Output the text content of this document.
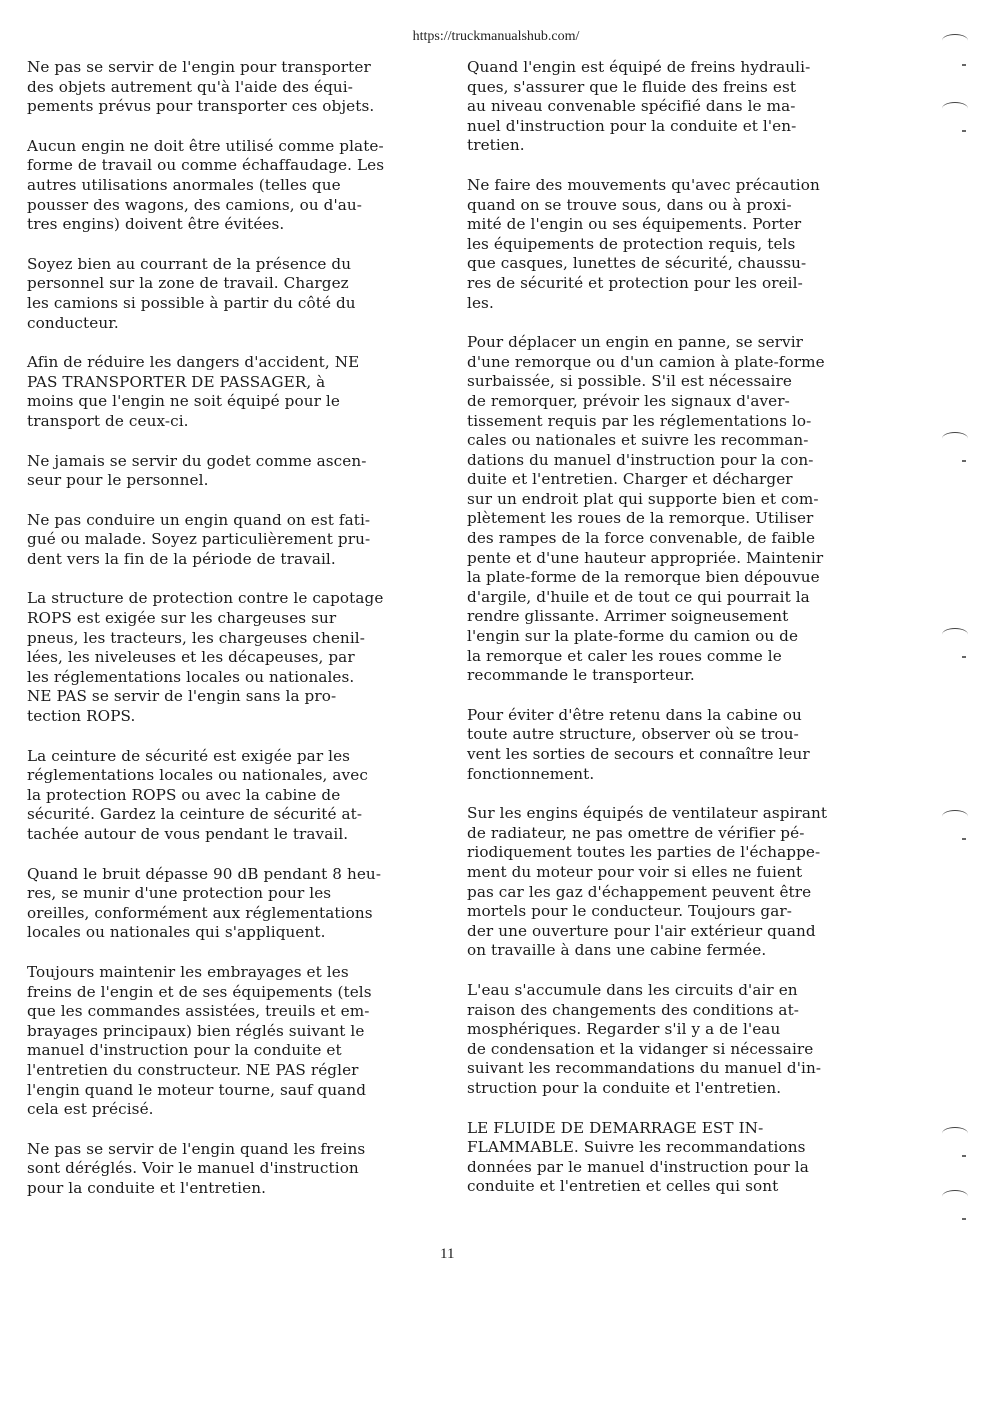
https://truckmanualshub.com/
Ne pas se servir de l'engin pour transporter
des objets autrement qu'à l'aide des équi-
pements prévus pour transporter ces objets.
Aucun engin ne doit être utilisé comme plate-
forme de travail ou comme échaffaudage. Les
autres utilisations anormales (telles que
pousser des wagons, des camions, ou d'au-
tres engins) doivent être évitées.
Soyez bien au courrant de la présence du
personnel sur la zone de travail. Chargez
les camions si possible à partir du côté du
conducteur.
Afin de réduire les dangers d'accident, NE
PAS TRANSPORTER DE PASSAGER, à
moins que l'engin ne soit équipé pour le
transport de ceux-ci.
Ne jamais se servir du godet comme ascen-
seur pour le personnel.
Ne pas conduire un engin quand on est fati-
gué ou malade. Soyez particulièrement pru-
dent vers la fin de la période de travail.
La structure de protection contre le capotage
ROPS est exigée sur les chargeuses sur
pneus, les tracteurs, les chargeuses chenil-
lées, les niveleuses et les décapeuses, par
les réglementations locales ou nationales.
NE PAS se servir de l'engin sans la pro-
tection ROPS.
La ceinture de sécurité est exigée par les
réglementations locales ou nationales, avec
la protection ROPS ou avec la cabine de
sécurité. Gardez la ceinture de sécurité at-
tachée autour de vous pendant le travail.
Quand le bruit dépasse 90 dB pendant 8 heu-
res, se munir d'une protection pour les
oreilles, conformément aux réglementations
locales ou nationales qui s'appliquent.
Toujours maintenir les embrayages et les
freins de l'engin et de ses équipements (tels
que les commandes assistées, treuils et em-
brayages principaux) bien réglés suivant le
manuel d'instruction pour la conduite et
l'entretien du constructeur. NE PAS régler
l'engin quand le moteur tourne, sauf quand
cela est précisé.
Ne pas se servir de l'engin quand les freins
sont déréglés. Voir le manuel d'instruction
pour la conduite et l'entretien.
Quand l'engin est équipé de freins hydrauli-
ques, s'assurer que le fluide des freins est
au niveau convenable spécifié dans le ma-
nuel d'instruction pour la conduite et l'en-
tretien.
Ne faire des mouvements qu'avec précaution
quand on se trouve sous, dans ou à proxi-
mité de l'engin ou ses équipements. Porter
les équipements de protection requis, tels
que casques, lunettes de sécurité, chaussu-
res de sécurité et protection pour les oreil-
les.
Pour déplacer un engin en panne, se servir
d'une remorque ou d'un camion à plate-forme
surbaissée, si possible. S'il est nécessaire
de remorquer, prévoir les signaux d'aver-
tissement requis par les réglementations lo-
cales ou nationales et suivre les recomman-
dations du manuel d'instruction pour la con-
duite et l'entretien. Charger et décharger
sur un endroit plat qui supporte bien et com-
plètement les roues de la remorque. Utiliser
des rampes de la force convenable, de faible
pente et d'une hauteur appropriée. Maintenir
la plate-forme de la remorque bien dépouvue
d'argile, d'huile et de tout ce qui pourrait la
rendre glissante. Arrimer soigneusement
l'engin sur la plate-forme du camion ou de
la remorque et caler les roues comme le
recommande le transporteur.
Pour éviter d'être retenu dans la cabine ou
toute autre structure, observer où se trou-
vent les sorties de secours et connaître leur
fonctionnement.
Sur les engins équipés de ventilateur aspirant
de radiateur, ne pas omettre de vérifier pé-
riodiquement toutes les parties de l'échappe-
ment du moteur pour voir si elles ne fuient
pas car les gaz d'échappement peuvent être
mortels pour le conducteur. Toujours gar-
der une ouverture pour l'air extérieur quand
on travaille à dans une cabine fermée.
L'eau s'accumule dans les circuits d'air en
raison des changements des conditions at-
mosphériques. Regarder s'il y a de l'eau
de condensation et la vidanger si nécessaire
suivant les recommandations du manuel d'in-
struction pour la conduite et l'entretien.
LE FLUIDE DE DEMARRAGE EST IN-
FLAMMABLE. Suivre les recommandations
données par le manuel d'instruction pour la
conduite et l'entretien et celles qui sont
11
